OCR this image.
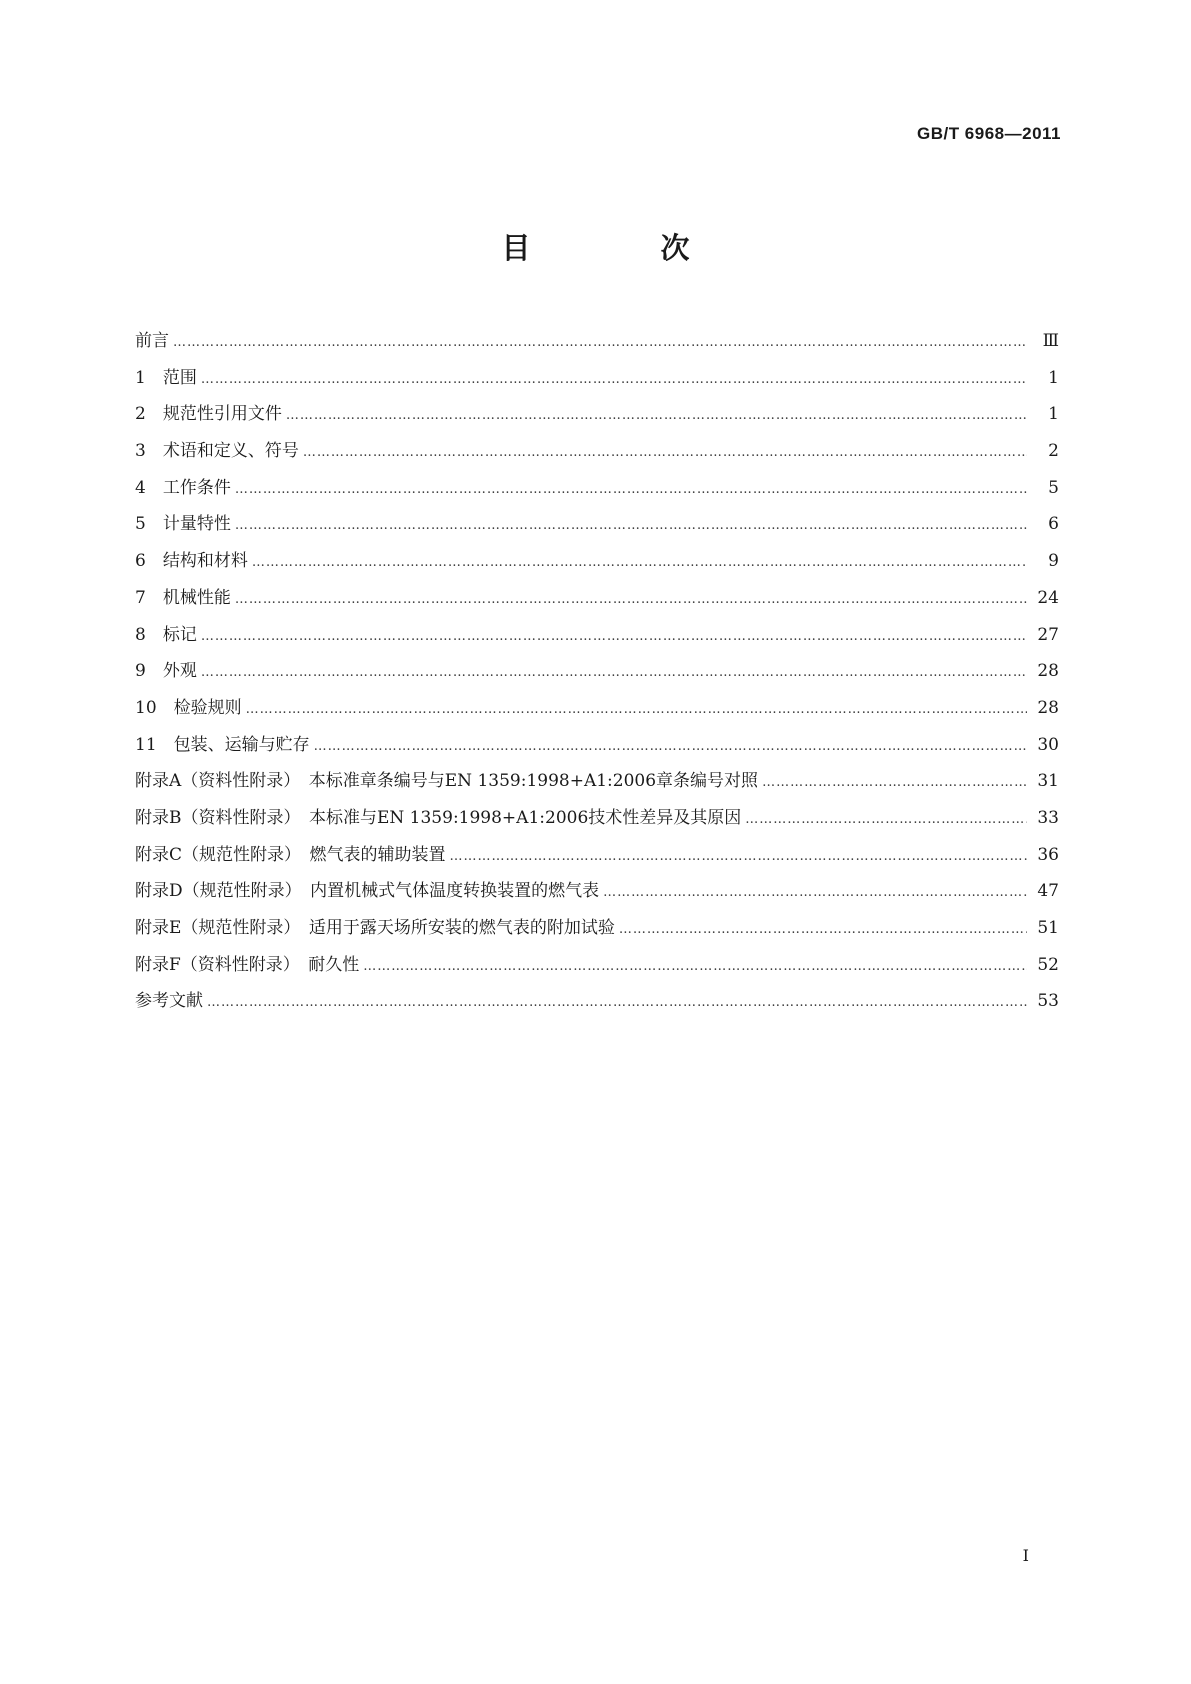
GB/T 6968—2011
目 次
前言 ……………………………………………………………………………………………………………………………………………………………………………………………………	Ⅲ
1　范围 ……………………………………………………………………………………………………………………………………………………………………………………………………	1
2　规范性引用文件 ……………………………………………………………………………………………………………………………………………………………………………………………………	1
3　术语和定义、符号 ……………………………………………………………………………………………………………………………………………………………………………………………………	2
4　工作条件 ……………………………………………………………………………………………………………………………………………………………………………………………………	5
5　计量特性 ……………………………………………………………………………………………………………………………………………………………………………………………………	6
6　结构和材料 ……………………………………………………………………………………………………………………………………………………………………………………………………	9
7　机械性能 ……………………………………………………………………………………………………………………………………………………………………………………………………	24
8　标记 ……………………………………………………………………………………………………………………………………………………………………………………………………	27
9　外观 ……………………………………………………………………………………………………………………………………………………………………………………………………	28
10　检验规则 ……………………………………………………………………………………………………………………………………………………………………………………………………	28
11　包装、运输与贮存 ……………………………………………………………………………………………………………………………………………………………………………………………………	30
附录A（资料性附录）　本标准章条编号与EN 1359:1998+A1:2006章条编号对照 ……………………………………………………………………………………………………………………………………………………………………………………………………	31
附录B（资料性附录）　本标准与EN 1359:1998+A1:2006技术性差异及其原因 ……………………………………………………………………………………………………………………………………………………………………………………………………	33
附录C（规范性附录）　燃气表的辅助装置 ……………………………………………………………………………………………………………………………………………………………………………………………………	36
附录D（规范性附录）　内置机械式气体温度转换装置的燃气表 ……………………………………………………………………………………………………………………………………………………………………………………………………	47
附录E（规范性附录）　适用于露天场所安装的燃气表的附加试验 ……………………………………………………………………………………………………………………………………………………………………………………………………	51
附录F（资料性附录）　耐久性 ……………………………………………………………………………………………………………………………………………………………………………………………………	52
参考文献 ……………………………………………………………………………………………………………………………………………………………………………………………………	53
I
